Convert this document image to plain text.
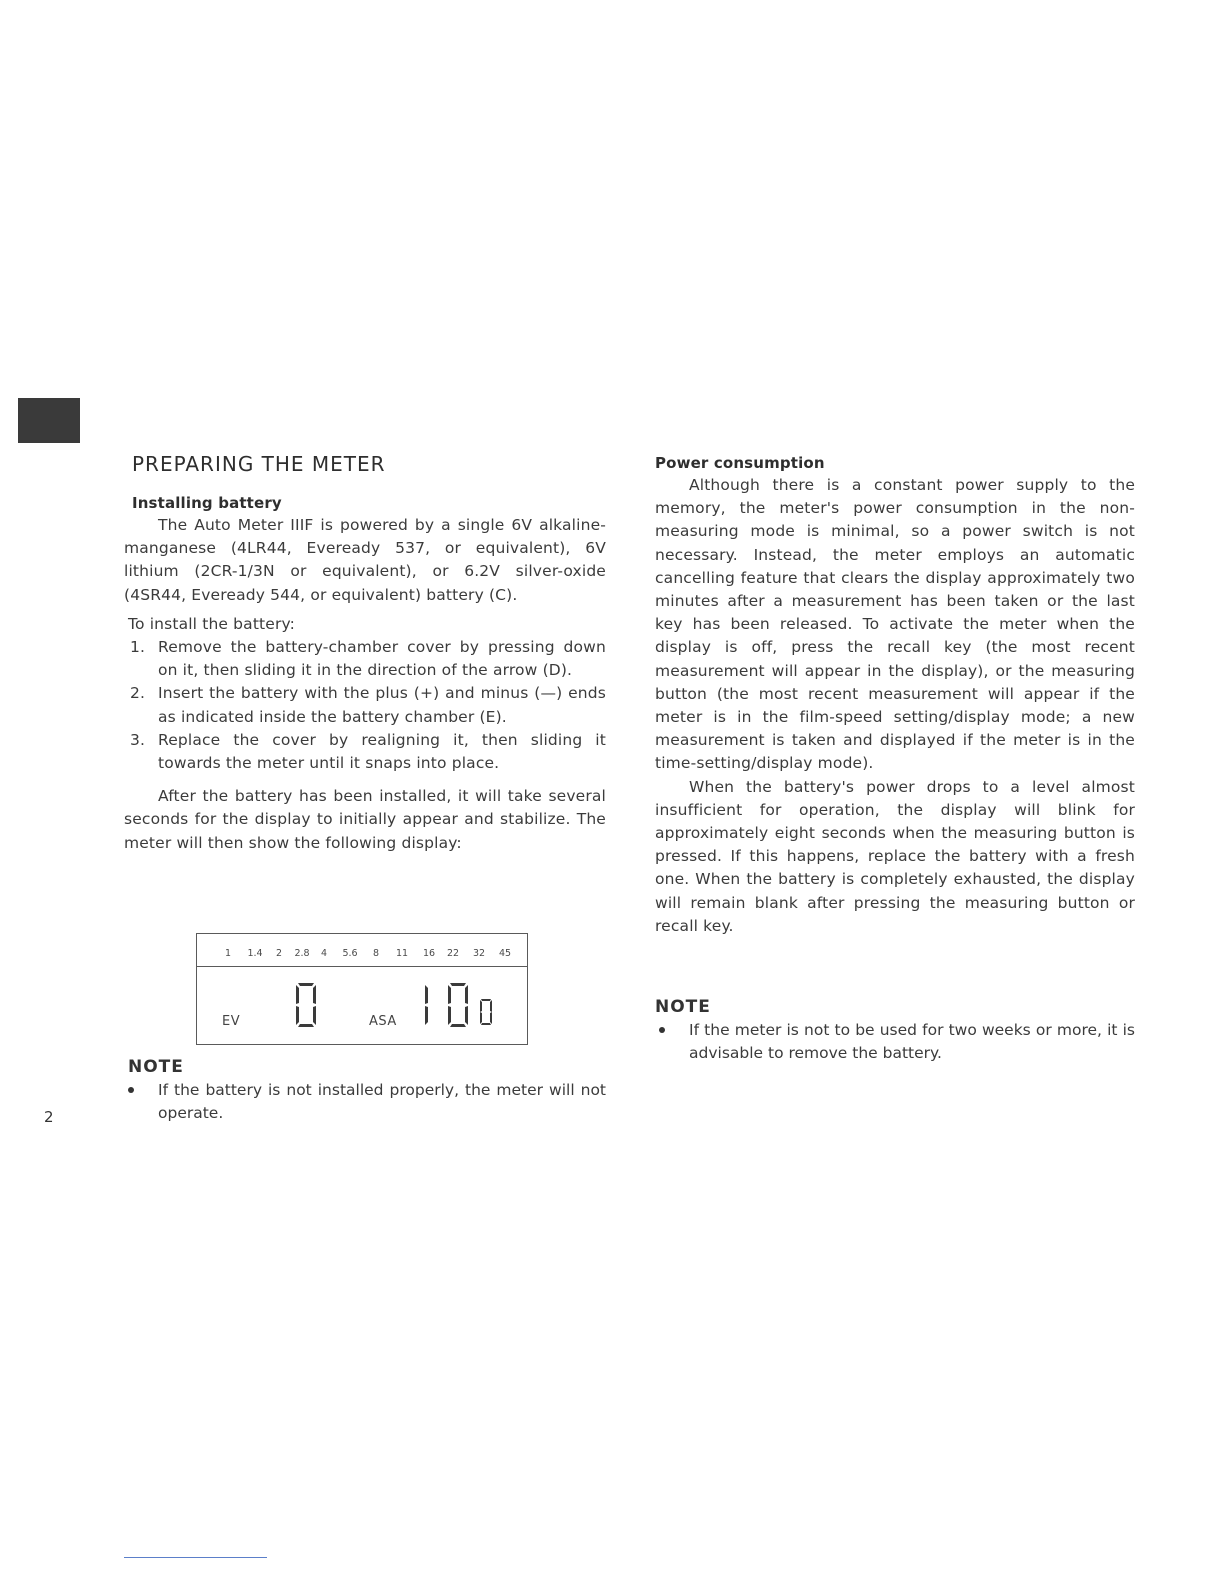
PREPARING THE METER
Installing battery

The Auto Meter IIIF is powered by a single 6V alkaline-manganese (4LR44, Eveready 537, or equivalent), 6V lithium (2CR-1/3N or equivalent), or 6.2V silver-oxide (4SR44, Eveready 544, or equivalent) battery (C).

To install the battery:

1. Remove the battery-chamber cover by pressing down on it, then sliding it in the direction of the arrow (D).
2. Insert the battery with the plus (+) and minus (—) ends as indicated inside the battery chamber (E).
3. Replace the cover by realigning it, then sliding it towards the meter until it snaps into place.

After the battery has been installed, it will take several seconds for the display to initially appear and stabilize. The meter will then show the following display:

1 1.4 2 2.8 4 5.6 8 11 16 22 32 45
EV	ASA
NOTE
If the battery is not installed properly, the meter will not operate.
Power consumption

Although there is a constant power supply to the memory, the meter's power consumption in the non-measuring mode is minimal, so a power switch is not necessary. Instead, the meter employs an automatic cancelling feature that clears the display approximately two minutes after a measurement has been taken or the last key has been released. To activate the meter when the display is off, press the recall key (the most recent measurement will appear in the display), or the measuring button (the most recent measurement will appear if the meter is in the film-speed setting/display mode; a new measurement is taken and displayed if the meter is in the time-setting/display mode).

When the battery's power drops to a level almost insufficient for operation, the display will blink for approximately eight seconds when the measuring button is pressed. If this happens, replace the battery with a fresh one. When the battery is completely exhausted, the display will remain blank after pressing the measuring button or recall key.

NOTE
If the meter is not to be used for two weeks or more, it is advisable to remove the battery.
2
